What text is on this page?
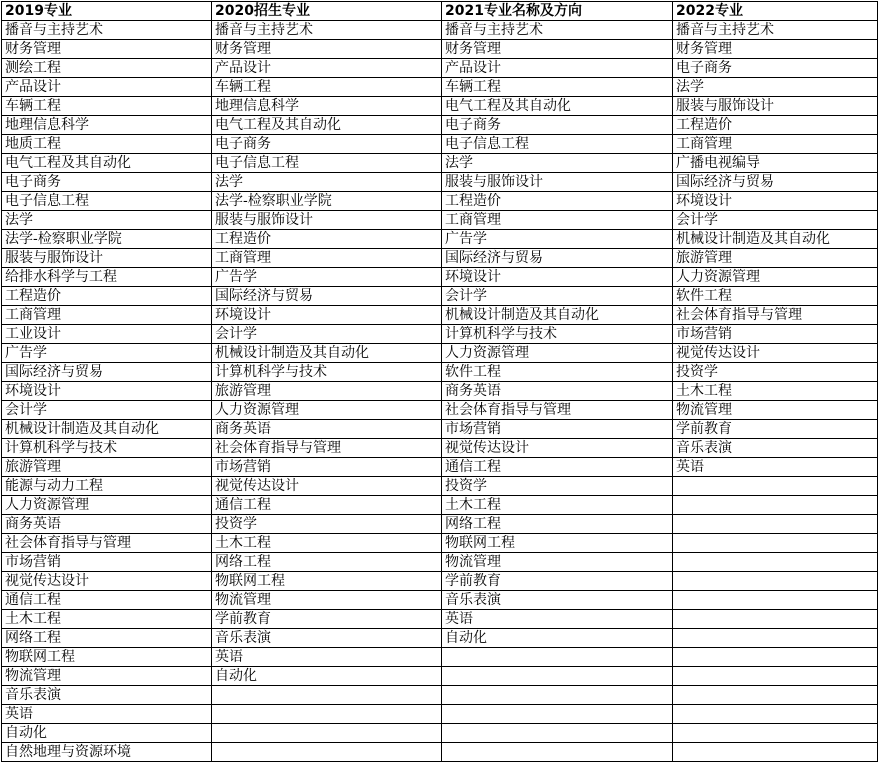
2019专业	2020招生专业	2021专业名称及方向	2022专业
播音与主持艺术	播音与主持艺术	播音与主持艺术	播音与主持艺术
财务管理	财务管理	财务管理	财务管理
测绘工程	产品设计	产品设计	电子商务
产品设计	车辆工程	车辆工程	法学
车辆工程	地理信息科学	电气工程及其自动化	服装与服饰设计
地理信息科学	电气工程及其自动化	电子商务	工程造价
地质工程	电子商务	电子信息工程	工商管理
电气工程及其自动化	电子信息工程	法学	广播电视编导
电子商务	法学	服装与服饰设计	国际经济与贸易
电子信息工程	法学-检察职业学院	工程造价	环境设计
法学	服装与服饰设计	工商管理	会计学
法学-检察职业学院	工程造价	广告学	机械设计制造及其自动化
服装与服饰设计	工商管理	国际经济与贸易	旅游管理
给排水科学与工程	广告学	环境设计	人力资源管理
工程造价	国际经济与贸易	会计学	软件工程
工商管理	环境设计	机械设计制造及其自动化	社会体育指导与管理
工业设计	会计学	计算机科学与技术	市场营销
广告学	机械设计制造及其自动化	人力资源管理	视觉传达设计
国际经济与贸易	计算机科学与技术	软件工程	投资学
环境设计	旅游管理	商务英语	土木工程
会计学	人力资源管理	社会体育指导与管理	物流管理
机械设计制造及其自动化	商务英语	市场营销	学前教育
计算机科学与技术	社会体育指导与管理	视觉传达设计	音乐表演
旅游管理	市场营销	通信工程	英语
能源与动力工程	视觉传达设计	投资学	
人力资源管理	通信工程	土木工程	
商务英语	投资学	网络工程	
社会体育指导与管理	土木工程	物联网工程	
市场营销	网络工程	物流管理	
视觉传达设计	物联网工程	学前教育	
通信工程	物流管理	音乐表演	
土木工程	学前教育	英语	
网络工程	音乐表演	自动化	
物联网工程	英语		
物流管理	自动化		
音乐表演			
英语			
自动化			
自然地理与资源环境			
